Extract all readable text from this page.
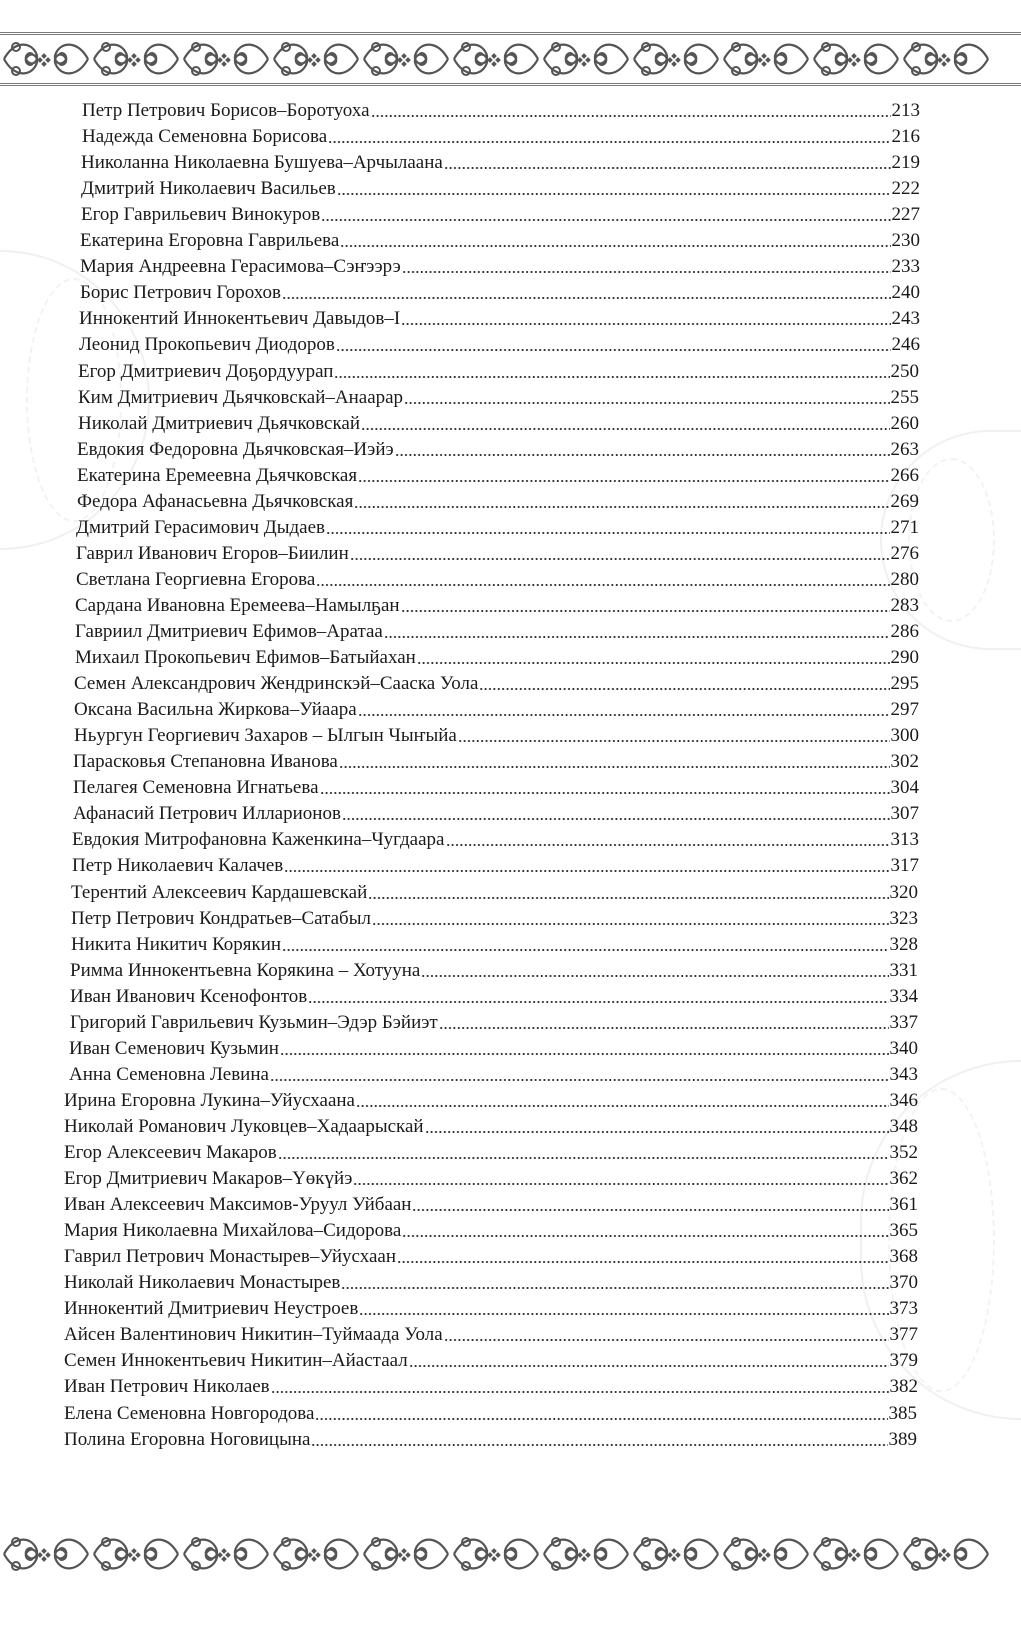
Петр Петрович Борисов–Боротуоха	213
Надежда Семеновна Борисова	216
Николанна Николаевна Бушуева–Арчылаана	219
Дмитрий Николаевич Васильев	222
Егор Гаврильевич Винокуров	227
Екатерина Егоровна Гаврильева	230
Мария Андреевна Герасимова–Сэҥээрэ	233
Борис Петрович Горохов	240
Иннокентий Иннокентьевич Давыдов–I	243
Леонид Прокопьевич Диодоров	246
Егор Дмитриевич Доҕордуурап	250
Ким Дмитриевич Дьячковскай–Анаарар	255
Николай Дмитриевич Дьячковскай	260
Евдокия Федоровна Дьячковская–Иэйэ	263
Екатерина Еремеевна Дьячковская	266
Федора Афанасьевна Дьячковская	269
Дмитрий Герасимович Дыдаев	271
Гаврил Иванович Егоров–Биилин	276
Светлана Георгиевна Егорова	280
Сардана Ивановна Еремеева–Намылҕан	283
Гавриил Дмитриевич Ефимов–Аратаа	286
Михаил Прокопьевич Ефимов–Батыйахан	290
Семен Александрович Жендринскэй–Сааска Уола	295
Оксана Васильна Жиркова–Уйаара	297
Ньургун Георгиевич Захаров – Ылгын Чыҥыйа	300
Парасковья Степановна Иванова	302
Пелагея Семеновна Игнатьева	304
Афанасий Петрович Илларионов	307
Евдокия Митрофановна Каженкина–Чугдаара	313
Петр Николаевич Калачев	317
Терентий Алексеевич Кардашевскай	320
Петр Петрович Кондратьев–Сатабыл	323
Никита Никитич Корякин	328
Римма Иннокентьевна Корякина – Хотууна	331
Иван Иванович Ксенофонтов	334
Григорий Гаврильевич Кузьмин–Эдэр Бэйиэт	337
Иван Семенович Кузьмин	340
Анна Семеновна Левина	343
Ирина Егоровна Лукина–Уйусхаана	346
Николай Романович Луковцев–Хадаарыскай	348
Егор Алексеевич Макаров	352
Егор Дмитриевич Макаров–Үөкүйэ	362
Иван Алексеевич Максимов-Уруул Уйбаан	361
Мария Николаевна Михайлова–Сидорова	365
Гаврил Петрович Монастырев–Уйусхаан	368
Николай Николаевич Монастырев	370
Иннокентий Дмитриевич Неустроев	373
Айсен Валентинович Никитин–Туймаада Уола	377
Семен Иннокентьевич Никитин–Айастаал	379
Иван Петрович Николаев	382
Елена Семеновна Новгородова	385
Полина Егоровна Ноговицына	389
